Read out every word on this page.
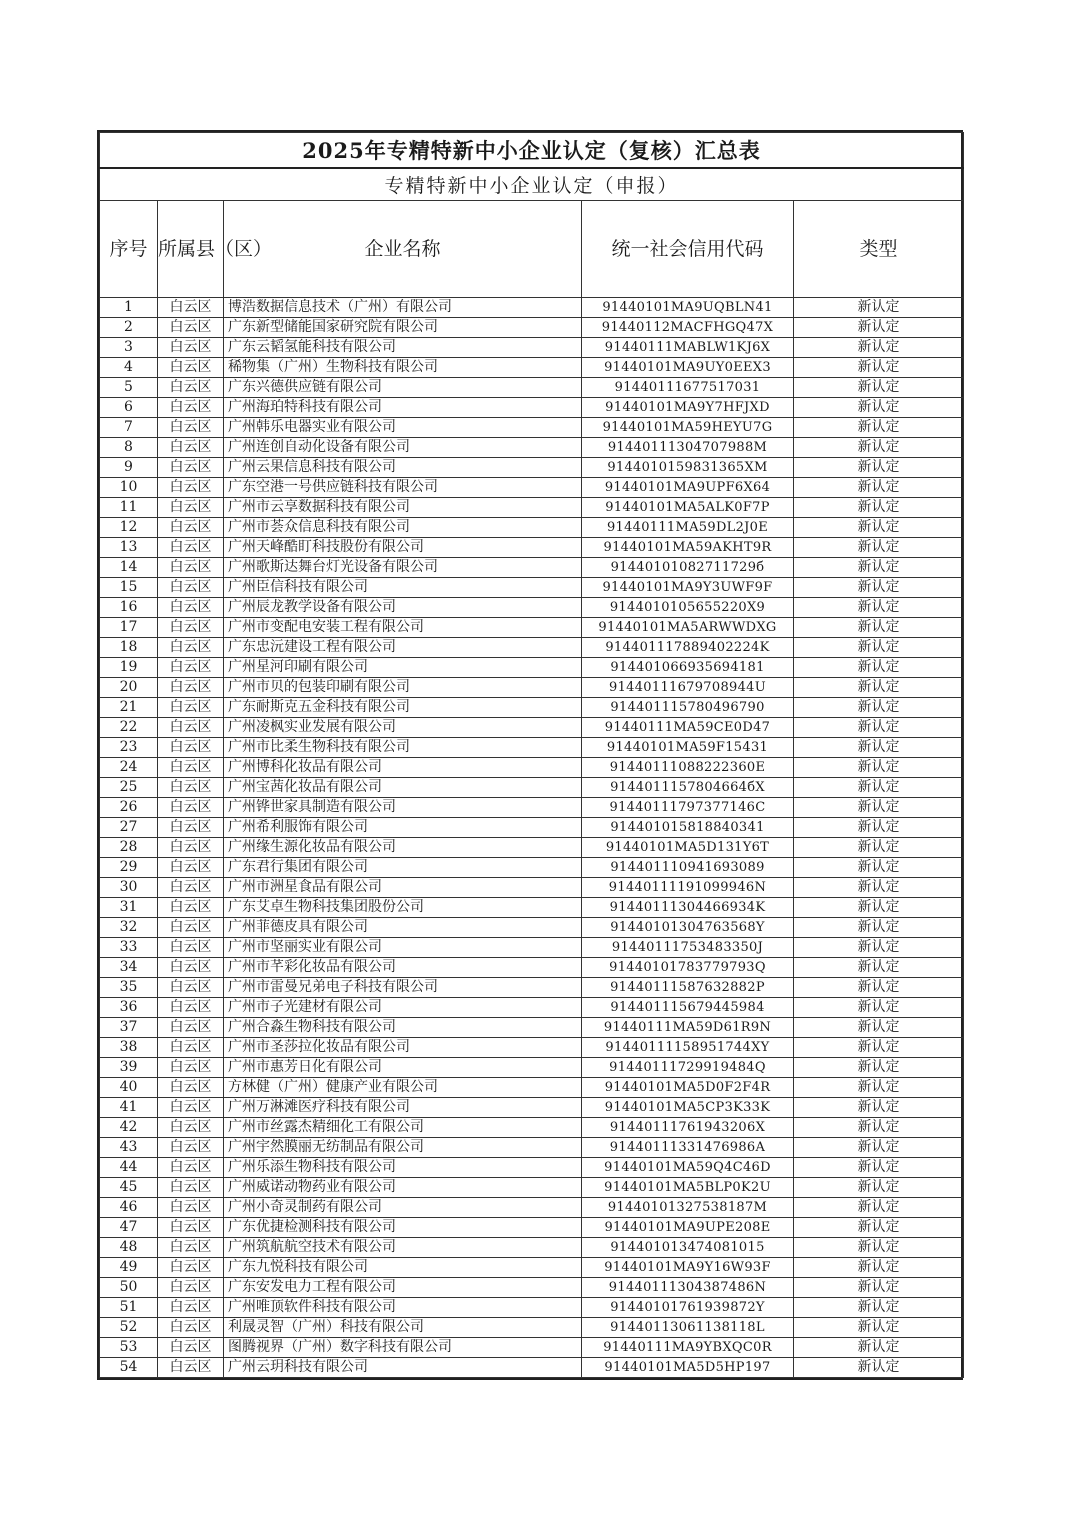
2025年专精特新中小企业认定（复核）汇总表				
专精特新中小企业认定（申报）				
序号	所属县（区）	企业名称	统一社会信用代码	类型
1	白云区	博浩数据信息技术（广州）有限公司	91440101MA9UQBLN41	新认定
2	白云区	广东新型储能国家研究院有限公司	91440112MACFHGQ47X	新认定
3	白云区	广东云韬氢能科技有限公司	91440111MABLW1KJ6X	新认定
4	白云区	稀物集（广州）生物科技有限公司	91440101MA9UY0EEX3	新认定
5	白云区	广东兴德供应链有限公司	91440111677517031	新认定
6	白云区	广州海珀特科技有限公司	91440101MA9Y7HFJXD	新认定
7	白云区	广州韩乐电器实业有限公司	91440101MA59HEYU7G	新认定
8	白云区	广州连创自动化设备有限公司	91440111304707988M	新认定
9	白云区	广州云果信息科技有限公司	9144010159831365XM	新认定
10	白云区	广东空港一号供应链科技有限公司	91440101MA9UPF6X64	新认定
11	白云区	广州市云享数据科技有限公司	91440101MA5ALK0F7P	新认定
12	白云区	广州市荟众信息科技有限公司	91440111MA59DL2J0E	新认定
13	白云区	广州天峰酷盯科技股份有限公司	91440101MA59AKHT9R	新认定
14	白云区	广州歌斯达舞台灯光设备有限公司	91440101082711729б	新认定
15	白云区	广州臣信科技有限公司	91440101MA9Y3UWF9F	新认定
16	白云区	广州辰龙教学设备有限公司	9144010105655220X9	新认定
17	白云区	广州市变配电安装工程有限公司	91440101MA5ARWWDXG	新认定
18	白云区	广东忠沅建设工程有限公司	914401117889402224K	新认定
19	白云区	广州星河印刷有限公司	914401066935694181	新认定
20	白云区	广州市贝的包装印刷有限公司	91440111679708944U	新认定
21	白云区	广东耐斯克五金科技有限公司	914401115780496790	新认定
22	白云区	广州凌枫实业发展有限公司	91440111MA59CE0D47	新认定
23	白云区	广州市比柔生物科技有限公司	91440101MA59F15431	新认定
24	白云区	广州博科化妆品有限公司	91440111088222360E	新认定
25	白云区	广州宝茜化妆品有限公司	9144011157804664бX	新认定
26	白云区	广州铧世家具制造有限公司	91440111797377146C	新认定
27	白云区	广州希利服饰有限公司	914401015818840341	新认定
28	白云区	广州缘生源化妆品有限公司	91440101MA5D131Y6T	新认定
29	白云区	广东君行集团有限公司	914401110941693089	新认定
30	白云区	广州市洲星食品有限公司	91440111191099946N	新认定
31	白云区	广东艾卓生物科技集团股份公司	91440111304466934K	新认定
32	白云区	广州菲德皮具有限公司	91440101304763568Y	新认定
33	白云区	广州市坚丽实业有限公司	91440111753483350J	新认定
34	白云区	广州市芊彩化妆品有限公司	91440101783779793Q	新认定
35	白云区	广州市雷曼兄弟电子科技有限公司	91440111587632882P	新认定
36	白云区	广州市子光建材有限公司	914401115679445984	新认定
37	白云区	广州合淼生物科技有限公司	91440111MA59D61R9N	新认定
38	白云区	广州市圣莎拉化妆品有限公司	91440111158951744XY	新认定
39	白云区	广州市惠芳日化有限公司	91440111729919484Q	新认定
40	白云区	方林健（广州）健康产业有限公司	91440101MA5D0F2F4R	新认定
41	白云区	广州万淋滩医疗科技有限公司	91440101MA5CP3K33K	新认定
42	白云区	广州市丝露杰精细化工有限公司	91440111761943206X	新认定
43	白云区	广州宇然膜丽无纺制品有限公司	91440111331476986A	新认定
44	白云区	广州乐添生物科技有限公司	91440101MA59Q4C46D	新认定
45	白云区	广州威诺动物药业有限公司	91440101MA5BLP0K2U	新认定
46	白云区	广州小奇灵制药有限公司	91440101327538187M	新认定
47	白云区	广东优捷检测科技有限公司	91440101MA9UPE208E	新认定
48	白云区	广州筑航航空技术有限公司	914401013474081015	新认定
49	白云区	广东九悦科技有限公司	91440101MA9Y16W93F	新认定
50	白云区	广东安发电力工程有限公司	91440111304387486N	新认定
51	白云区	广州唯顶软件科技有限公司	91440101761939872Y	新认定
52	白云区	利晟灵智（广州）科技有限公司	91440113061138118L	新认定
53	白云区	图腾视界（广州）数字科技有限公司	91440111MA9YBXQC0R	新认定
54	白云区	广州云玥科技有限公司	91440101MA5D5HP197	新认定
